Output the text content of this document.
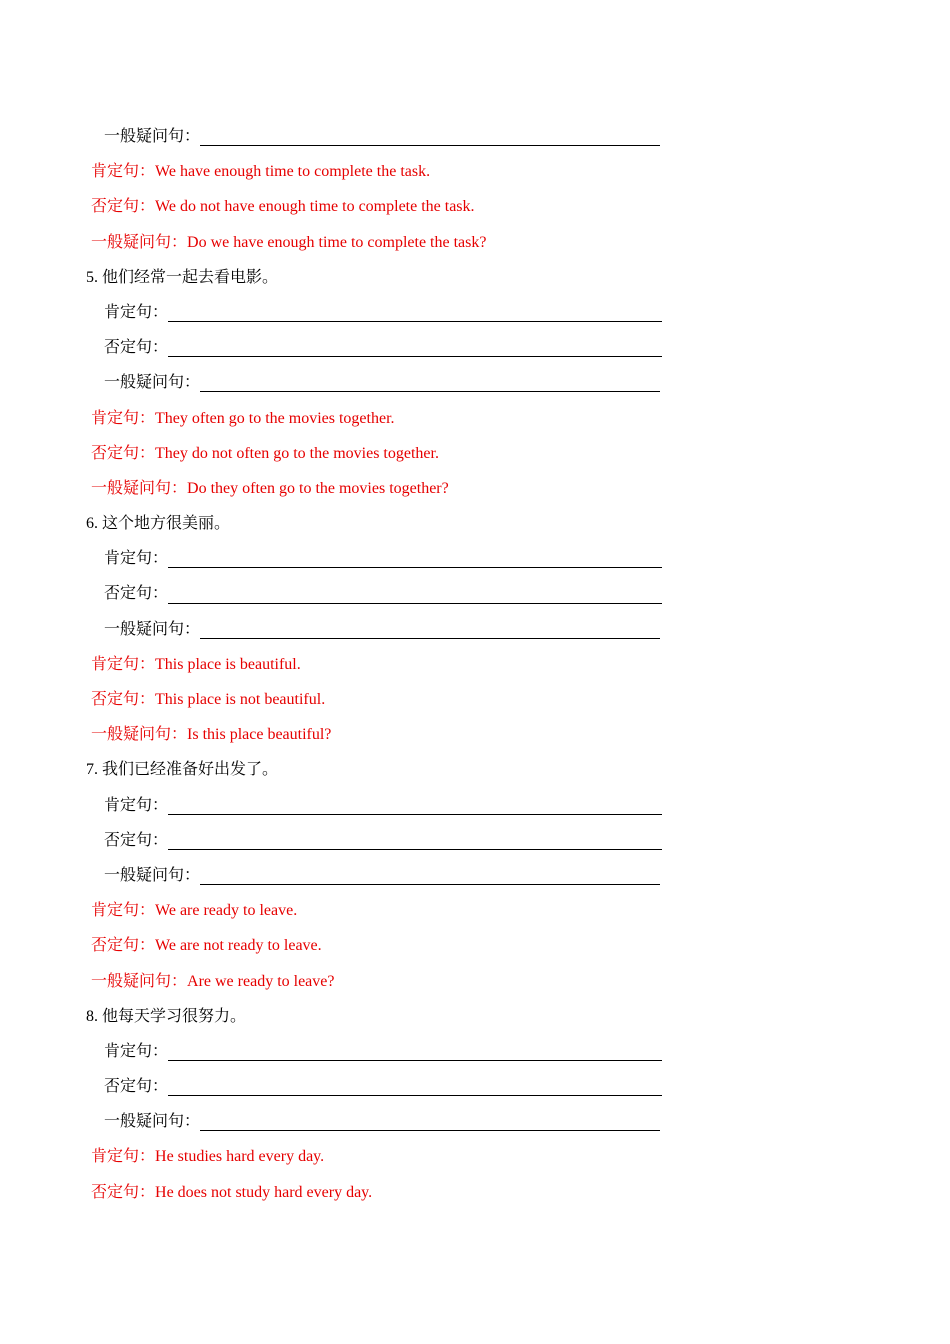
一般疑问句：
肯定句：We have enough time to complete the task.
否定句：We do not have enough time to complete the task.
一般疑问句：Do we have enough time to complete the task?
5. 他们经常一起去看电影。
肯定句：
否定句：
一般疑问句：
肯定句：They often go to the movies together.
否定句：They do not often go to the movies together.
一般疑问句：Do they often go to the movies together?
6. 这个地方很美丽。
肯定句：
否定句：
一般疑问句：
肯定句：This place is beautiful.
否定句：This place is not beautiful.
一般疑问句：Is this place beautiful?
7. 我们已经准备好出发了。
肯定句：
否定句：
一般疑问句：
肯定句：We are ready to leave.
否定句：We are not ready to leave.
一般疑问句：Are we ready to leave?
8. 他每天学习很努力。
肯定句：
否定句：
一般疑问句：
肯定句：He studies hard every day.
否定句：He does not study hard every day.
